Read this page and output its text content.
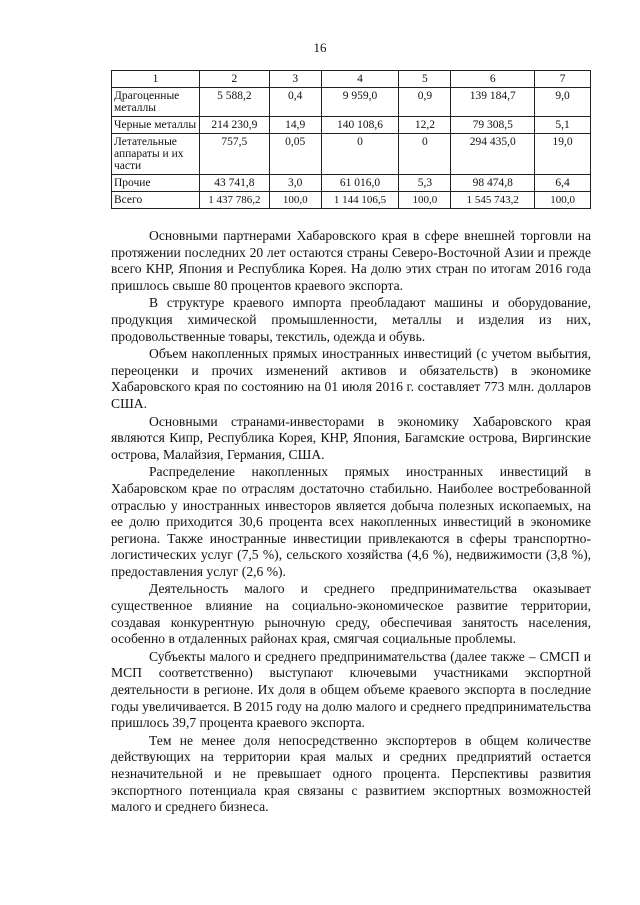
16
1	2	3	4	5	6	7
Драгоценные металлы	5 588,2	0,4	9 959,0	0,9	139 184,7	9,0
Черные металлы	214 230,9	14,9	140 108,6	12,2	79 308,5	5,1
Летательные аппараты и их части	757,5	0,05	0	0	294 435,0	19,0
Прочие	43 741,8	3,0	61 016,0	5,3	98 474,8	6,4
Всего	1 437 786,2	100,0	1 144 106,5	100,0	1 545 743,2	100,0

Основными партнерами Хабаровского края в сфере внешней торговли на протяжении последних 20 лет остаются страны Северо-Восточной Азии и прежде всего КНР, Япония и Республика Корея. На долю этих стран по итогам 2016 года пришлось свыше 80 процентов краевого экспорта.

В структуре краевого импорта преобладают машины и оборудование, продукция химической промышленности, металлы и изделия из них, продовольственные товары, текстиль, одежда и обувь.

Объем накопленных прямых иностранных инвестиций (с учетом выбытия, переоценки и прочих изменений активов и обязательств) в экономике Хабаровского края по состоянию на 01 июля 2016 г. составляет 773 млн. долларов США.

Основными странами-инвесторами в экономику Хабаровского края являются Кипр, Республика Корея, КНР, Япония, Багамские острова, Виргинские острова, Малайзия, Германия, США.

Распределение накопленных прямых иностранных инвестиций в Хабаровском крае по отраслям достаточно стабильно. Наиболее востребованной отраслью у иностранных инвесторов является добыча полезных ископаемых, на ее долю приходится 30,6 процента всех накопленных инвестиций в экономике региона. Также иностранные инвестиции привлекаются в сферы транспортно-логистических услуг (7,5 %), сельского хозяйства (4,6 %), недвижимости (3,8 %), предоставления услуг (2,6 %).

Деятельность малого и среднего предпринимательства оказывает существенное влияние на социально-экономическое развитие территории, создавая конкурентную рыночную среду, обеспечивая занятость населения, особенно в отдаленных районах края, смягчая социальные проблемы.

Субъекты малого и среднего предпринимательства (далее также – СМСП и МСП соответственно) выступают ключевыми участниками экспортной деятельности в регионе. Их доля в общем объеме краевого экспорта в последние годы увеличивается. В 2015 году на долю малого и среднего предпринимательства пришлось 39,7 процента краевого экспорта.

Тем не менее доля непосредственно экспортеров в общем количестве действующих на территории края малых и средних предприятий остается незначительной и не превышает одного процента. Перспективы развития экспортного потенциала края связаны с развитием экспортных возможностей малого и среднего бизнеса.
